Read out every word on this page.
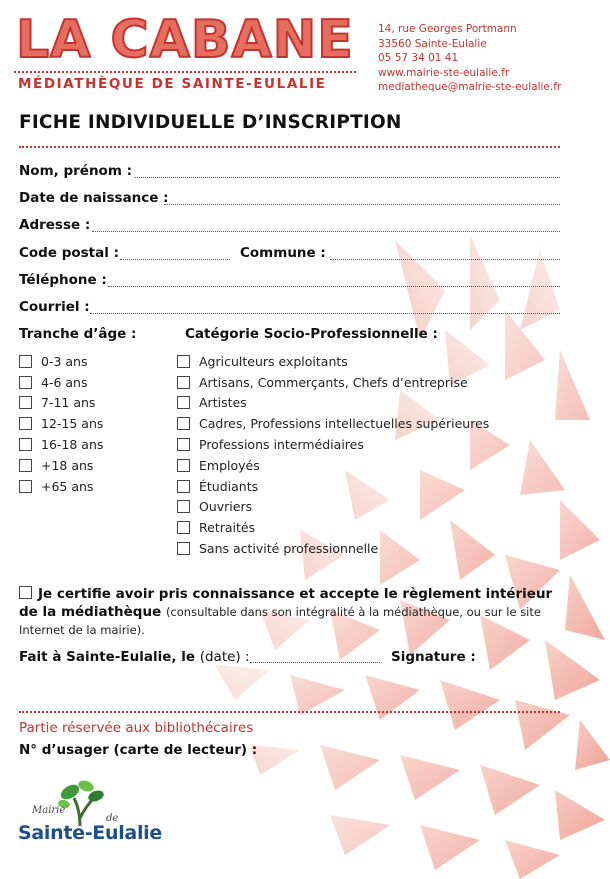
LA CABANE
MÉDIATHÈQUE DE SAINTE-EULALIE
14, rue Georges Portmann
33560 Sainte-Eulalie
05 57 34 01 41
www.mairie-ste-eulalie.fr
mediatheque@mairie-ste-eulalie.fr
FICHE INDIVIDUELLE D’INSCRIPTION
Nom, prénom :
Date de naissance :
Adresse :
Code postal :	Commune :
Téléphone :
Courriel :
Tranche d’âge :
0-3 ans
4-6 ans
7-11 ans
12-15 ans
16-18 ans
+18 ans
+65 ans
Catégorie Socio-Professionnelle :
Agriculteurs exploitants
Artisans, Commerçants, Chefs d’entreprise
Artistes
Cadres, Professions intellectuelles supérieures
Professions intermédiaires
Employés
Étudiants
Ouvriers
Retraités
Sans activité professionnelle
Je certifie avoir pris connaissance et accepte le règlement intérieur
de la médiathèque (consultable dans son intégralité à la médiathèque, ou sur le site Internet de la mairie).
Fait à Sainte-Eulalie, le (date) :	Signature :
Partie réservée aux bibliothécaires
N° d’usager (carte de lecteur) :
Mairie
de
Sainte-Eulalie
